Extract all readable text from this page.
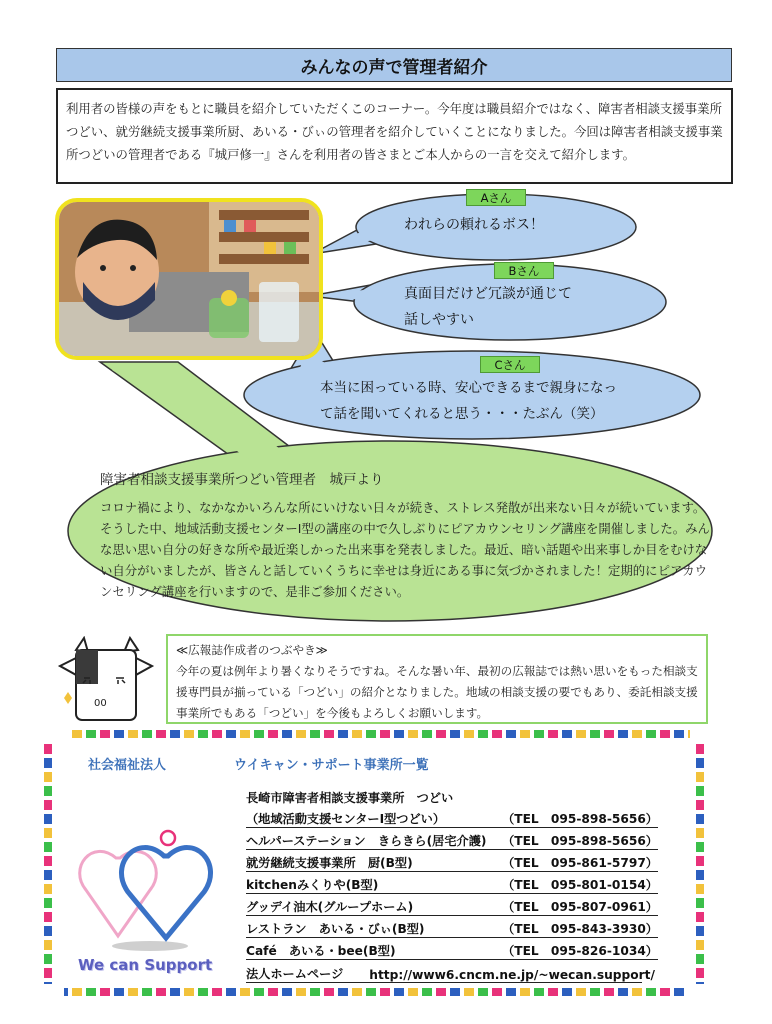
みんなの声で管理者紹介
利用者の皆様の声をもとに職員を紹介していただくこのコーナー。今年度は職員紹介ではなく、障害者相談支援事業所つどい、就労継続支援事業所厨、あいる・びぃの管理者を紹介していくことになりました。今回は障害者相談支援事業所つどいの管理者である『城戸修一』さんを利用者の皆さまとご本人からの一言を交えて紹介します。
Aさん
われらの頼れるボス！
Bさん
真面目だけど冗談が通じて
話しやすい
Cさん
本当に困っている時、安心できるまで親身になっ
て話を聞いてくれると思う・・・たぶん（笑）
障害者相談支援事業所つどい管理者　城戸より
コロナ禍により、なかなかいろんな所にいけない日々が続き、ストレス発散が出来ない日々が続いています。そうした中、地域活動支援センターⅠ型の講座の中で久しぶりにピアカウンセリング講座を開催しました。みんな思い思い自分の好きな所や最近楽しかった出来事を発表しました。最近、暗い話題や出来事しか目をむけない自分がいましたが、皆さんと話していくうちに幸せは身近にある事に気づかされました！定期的にピアカウンセリング講座を行いますので、是非ご参加ください。
00
≪広報誌作成者のつぶやき≫
今年の夏は例年より暑くなりそうですね。そんな暑い年、最初の広報誌では熱い思いをもった相談支援専門員が揃っている「つどい」の紹介となりました。地域の相談支援の要でもあり、委託相談支援事業所でもある「つどい」を今後もよろしくお願いします。
社会福祉法人	ウイキャン・サポート事業所一覧
We can Support
長崎市障害者相談支援事業所　つどい
（地域活動支援センターⅠ型つどい）	（TEL　095-898-5656）
ヘルパーステーション　きらきら(居宅介護) （TEL　095-898-5656）
就労継続支援事業所　厨(B型)	（TEL　095-861-5797）
kitchenみくりや(B型)	（TEL　095-801-0154）
グッデイ油木(グループホーム)	（TEL　095-807-0961）
レストラン　あいる・びぃ(B型)	（TEL　095-843-3930）
Café　あいる・bee(B型)	（TEL　095-826-1034）
法人ホームページ http://www6.cncm.ne.jp/~wecan.support/
